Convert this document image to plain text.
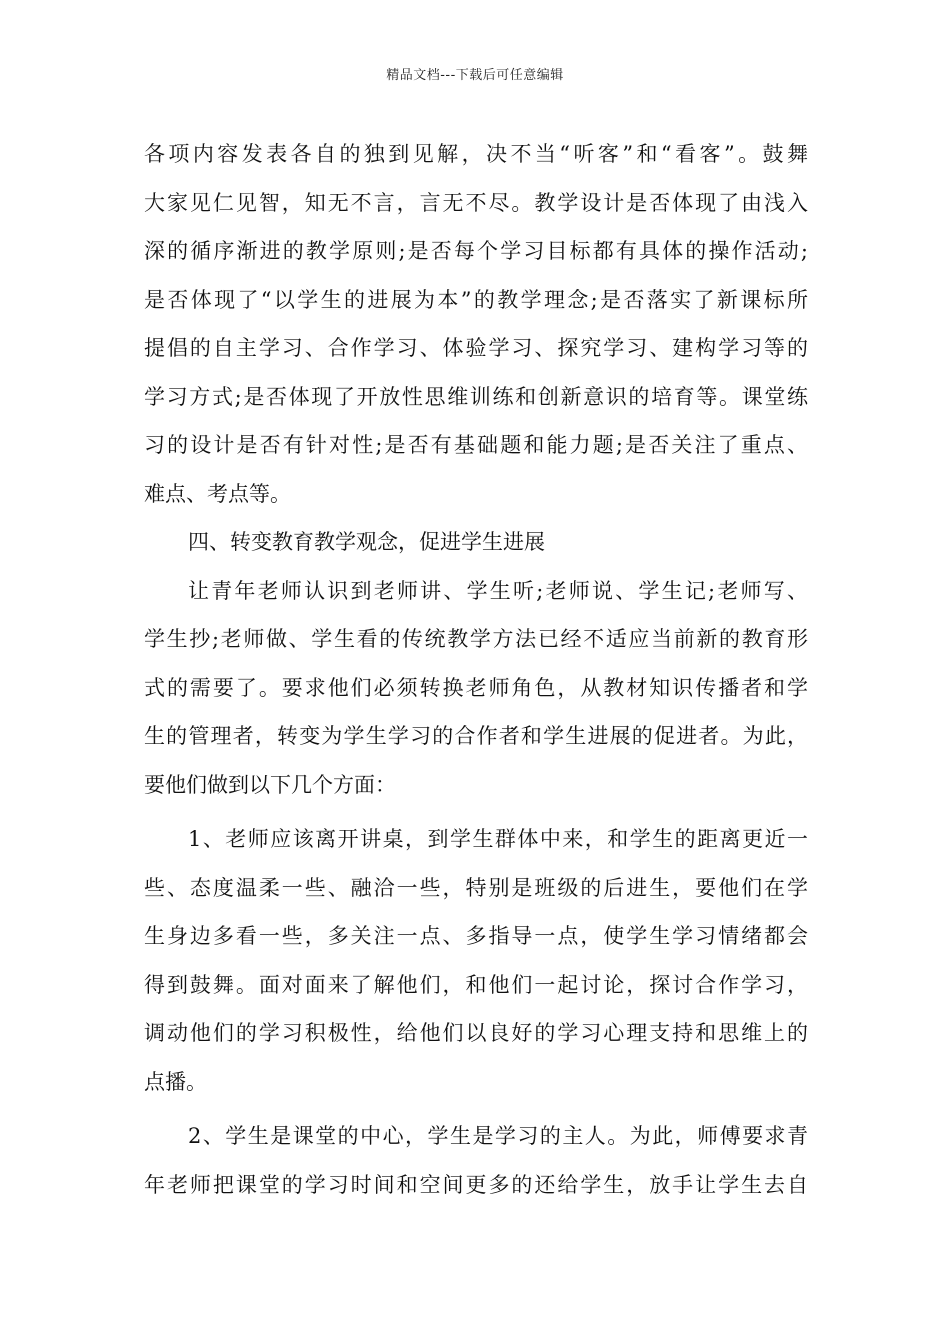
精品文档---下载后可任意编辑
各项内容发表各自的独到见解，决不当“听客”和“看客”。鼓舞
大家见仁见智，知无不言，言无不尽。教学设计是否体现了由浅入
深的循序渐进的教学原则;是否每个学习目标都有具体的操作活动;
是否体现了“以学生的进展为本”的教学理念;是否落实了新课标所
提倡的自主学习、合作学习、体验学习、探究学习、建构学习等的
学习方式;是否体现了开放性思维训练和创新意识的培育等。课堂练
习的设计是否有针对性;是否有基础题和能力题;是否关注了重点、
难点、考点等。
四、转变教育教学观念，促进学生进展
让青年老师认识到老师讲、学生听;老师说、学生记;老师写、
学生抄;老师做、学生看的传统教学方法已经不适应当前新的教育形
式的需要了。要求他们必须转换老师角色，从教材知识传播者和学
生的管理者，转变为学生学习的合作者和学生进展的促进者。为此，
要他们做到以下几个方面：
1、老师应该离开讲桌，到学生群体中来，和学生的距离更近一
些、态度温柔一些、融洽一些，特别是班级的后进生，要他们在学
生身边多看一些，多关注一点、多指导一点，使学生学习情绪都会
得到鼓舞。面对面来了解他们，和他们一起讨论，探讨合作学习，
调动他们的学习积极性，给他们以良好的学习心理支持和思维上的
点播。
2、学生是课堂的中心，学生是学习的主人。为此，师傅要求青
年老师把课堂的学习时间和空间更多的还给学生，放手让学生去自
